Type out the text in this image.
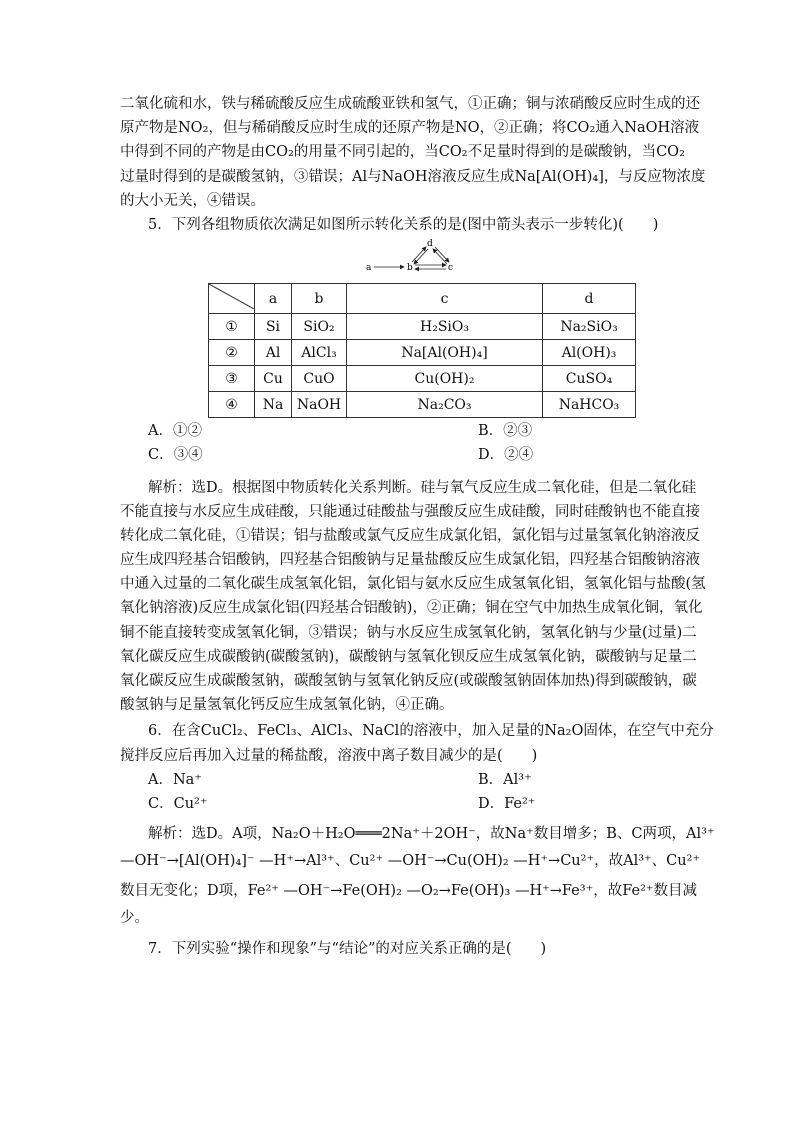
二氧化硫和水，铁与稀硫酸反应生成硫酸亚铁和氢气，①正确；铜与浓硝酸反应时生成的还
原产物是NO₂，但与稀硝酸反应时生成的还原产物是NO，②正确；将CO₂通入NaOH溶液
中得到不同的产物是由CO₂的用量不同引起的，当CO₂不足量时得到的是碳酸钠，当CO₂
过量时得到的是碳酸氢钠，③错误；Al与NaOH溶液反应生成Na[Al(OH)₄]，与反应物浓度
的大小无关，④错误。
5．下列各组物质依次满足如图所示转化关系的是(图中箭头表示一步转化)(　　)
a	b	c
d
	a	b	c	d
①	Si	SiO₂	H₂SiO₃	Na₂SiO₃
②	Al	AlCl₃	Na[Al(OH)₄]	Al(OH)₃
③	Cu	CuO	Cu(OH)₂	CuSO₄
④	Na	NaOH	Na₂CO₃	NaHCO₃
A．①②	B．②③
C．③④	D．②④
解析：选D。根据图中物质转化关系判断。硅与氧气反应生成二氧化硅，但是二氧化硅
不能直接与水反应生成硅酸，只能通过硅酸盐与强酸反应生成硅酸，同时硅酸钠也不能直接
转化成二氧化硅，①错误；铝与盐酸或氯气反应生成氯化铝，氯化铝与过量氢氧化钠溶液反
应生成四羟基合铝酸钠，四羟基合铝酸钠与足量盐酸反应生成氯化铝，四羟基合铝酸钠溶液
中通入过量的二氧化碳生成氢氧化铝，氯化铝与氨水反应生成氢氧化铝，氢氧化铝与盐酸(氢
氧化钠溶液)反应生成氯化铝(四羟基合铝酸钠)，②正确；铜在空气中加热生成氧化铜，氧化
铜不能直接转变成氢氧化铜，③错误；钠与水反应生成氢氧化钠，氢氧化钠与少量(过量)二
氧化碳反应生成碳酸钠(碳酸氢钠)，碳酸钠与氢氧化钡反应生成氢氧化钠，碳酸钠与足量二
氧化碳反应生成碳酸氢钠，碳酸氢钠与氢氧化钠反应(或碳酸氢钠固体加热)得到碳酸钠，碳
酸氢钠与足量氢氧化钙反应生成氢氧化钠，④正确。
6．在含CuCl₂、FeCl₃、AlCl₃、NaCl的溶液中，加入足量的Na₂O固体，在空气中充分
搅拌反应后再加入过量的稀盐酸，溶液中离子数目减少的是(　　)
A．Na⁺	B．Al³⁺
C．Cu²⁺	D．Fe²⁺
解析：选D。A项，Na₂O＋H₂O═══2Na⁺＋2OH⁻，故Na⁺数目增多；B、C两项，Al³⁺
—OH⁻→[Al(OH)₄]⁻ —H⁺→Al³⁺、Cu²⁺ —OH⁻→Cu(OH)₂ —H⁺→Cu²⁺，故Al³⁺、Cu²⁺
数目无变化；D项，Fe²⁺ —OH⁻→Fe(OH)₂ —O₂→Fe(OH)₃ —H⁺→Fe³⁺，故Fe²⁺数目减
少。
7．下列实验“操作和现象”与“结论”的对应关系正确的是(　　)
